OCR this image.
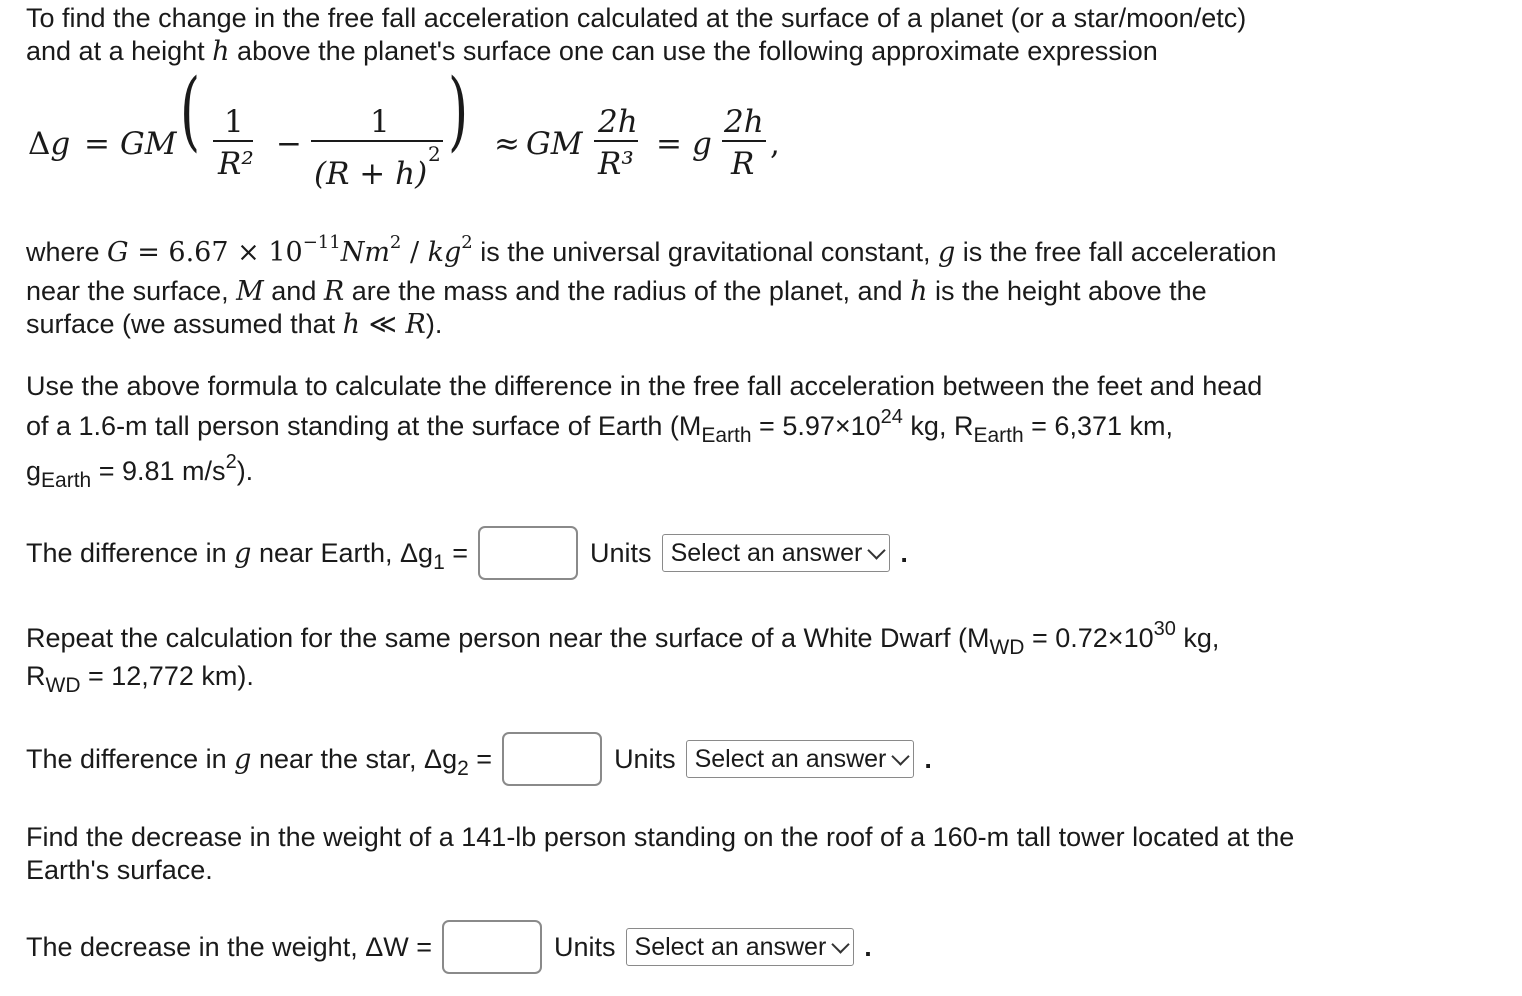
To find the change in the free fall acceleration calculated at the surface of a planet (or a star/moon/etc)
and at a height h above the planet's surface one can use the following approximate expression
Δg = GM ( 1
R²
−
1
(R + h)
2 ) ≈ GM
2h
R³
= g
2h
R
,
where $G = 6.67 \times 10^{-11}Nm^2 / kg^2$ is the universal gravitational constant, g is the free fall acceleration
near the surface, M and R are the mass and the radius of the planet, and h is the height above the
surface (we assumed that h ≪ R).
Use the above formula to calculate the difference in the free fall acceleration between the feet and head
of a 1.6-m tall person standing at the surface of Earth ($M_{Earth} = 5.97\times 10^{24}$ kg, $R_{Earth} = 6,371$ km,
$g_{Earth} = 9.81$ $m/s^2$).
The difference in g near Earth, $\Delta g_1$ =	Units Select an answer .
Repeat the calculation for the same person near the surface of a White Dwarf ($M_{WD} = 0.72\times 10^{30}$ kg,
$R_{WD} = 12,772$ km).
The difference in g near the star, $\Delta g_2$ =	Units Select an answer .
Find the decrease in the weight of a 141-lb person standing on the roof of a 160-m tall tower located at the
Earth's surface.
The decrease in the weight, ΔW =	Units Select an answer .
